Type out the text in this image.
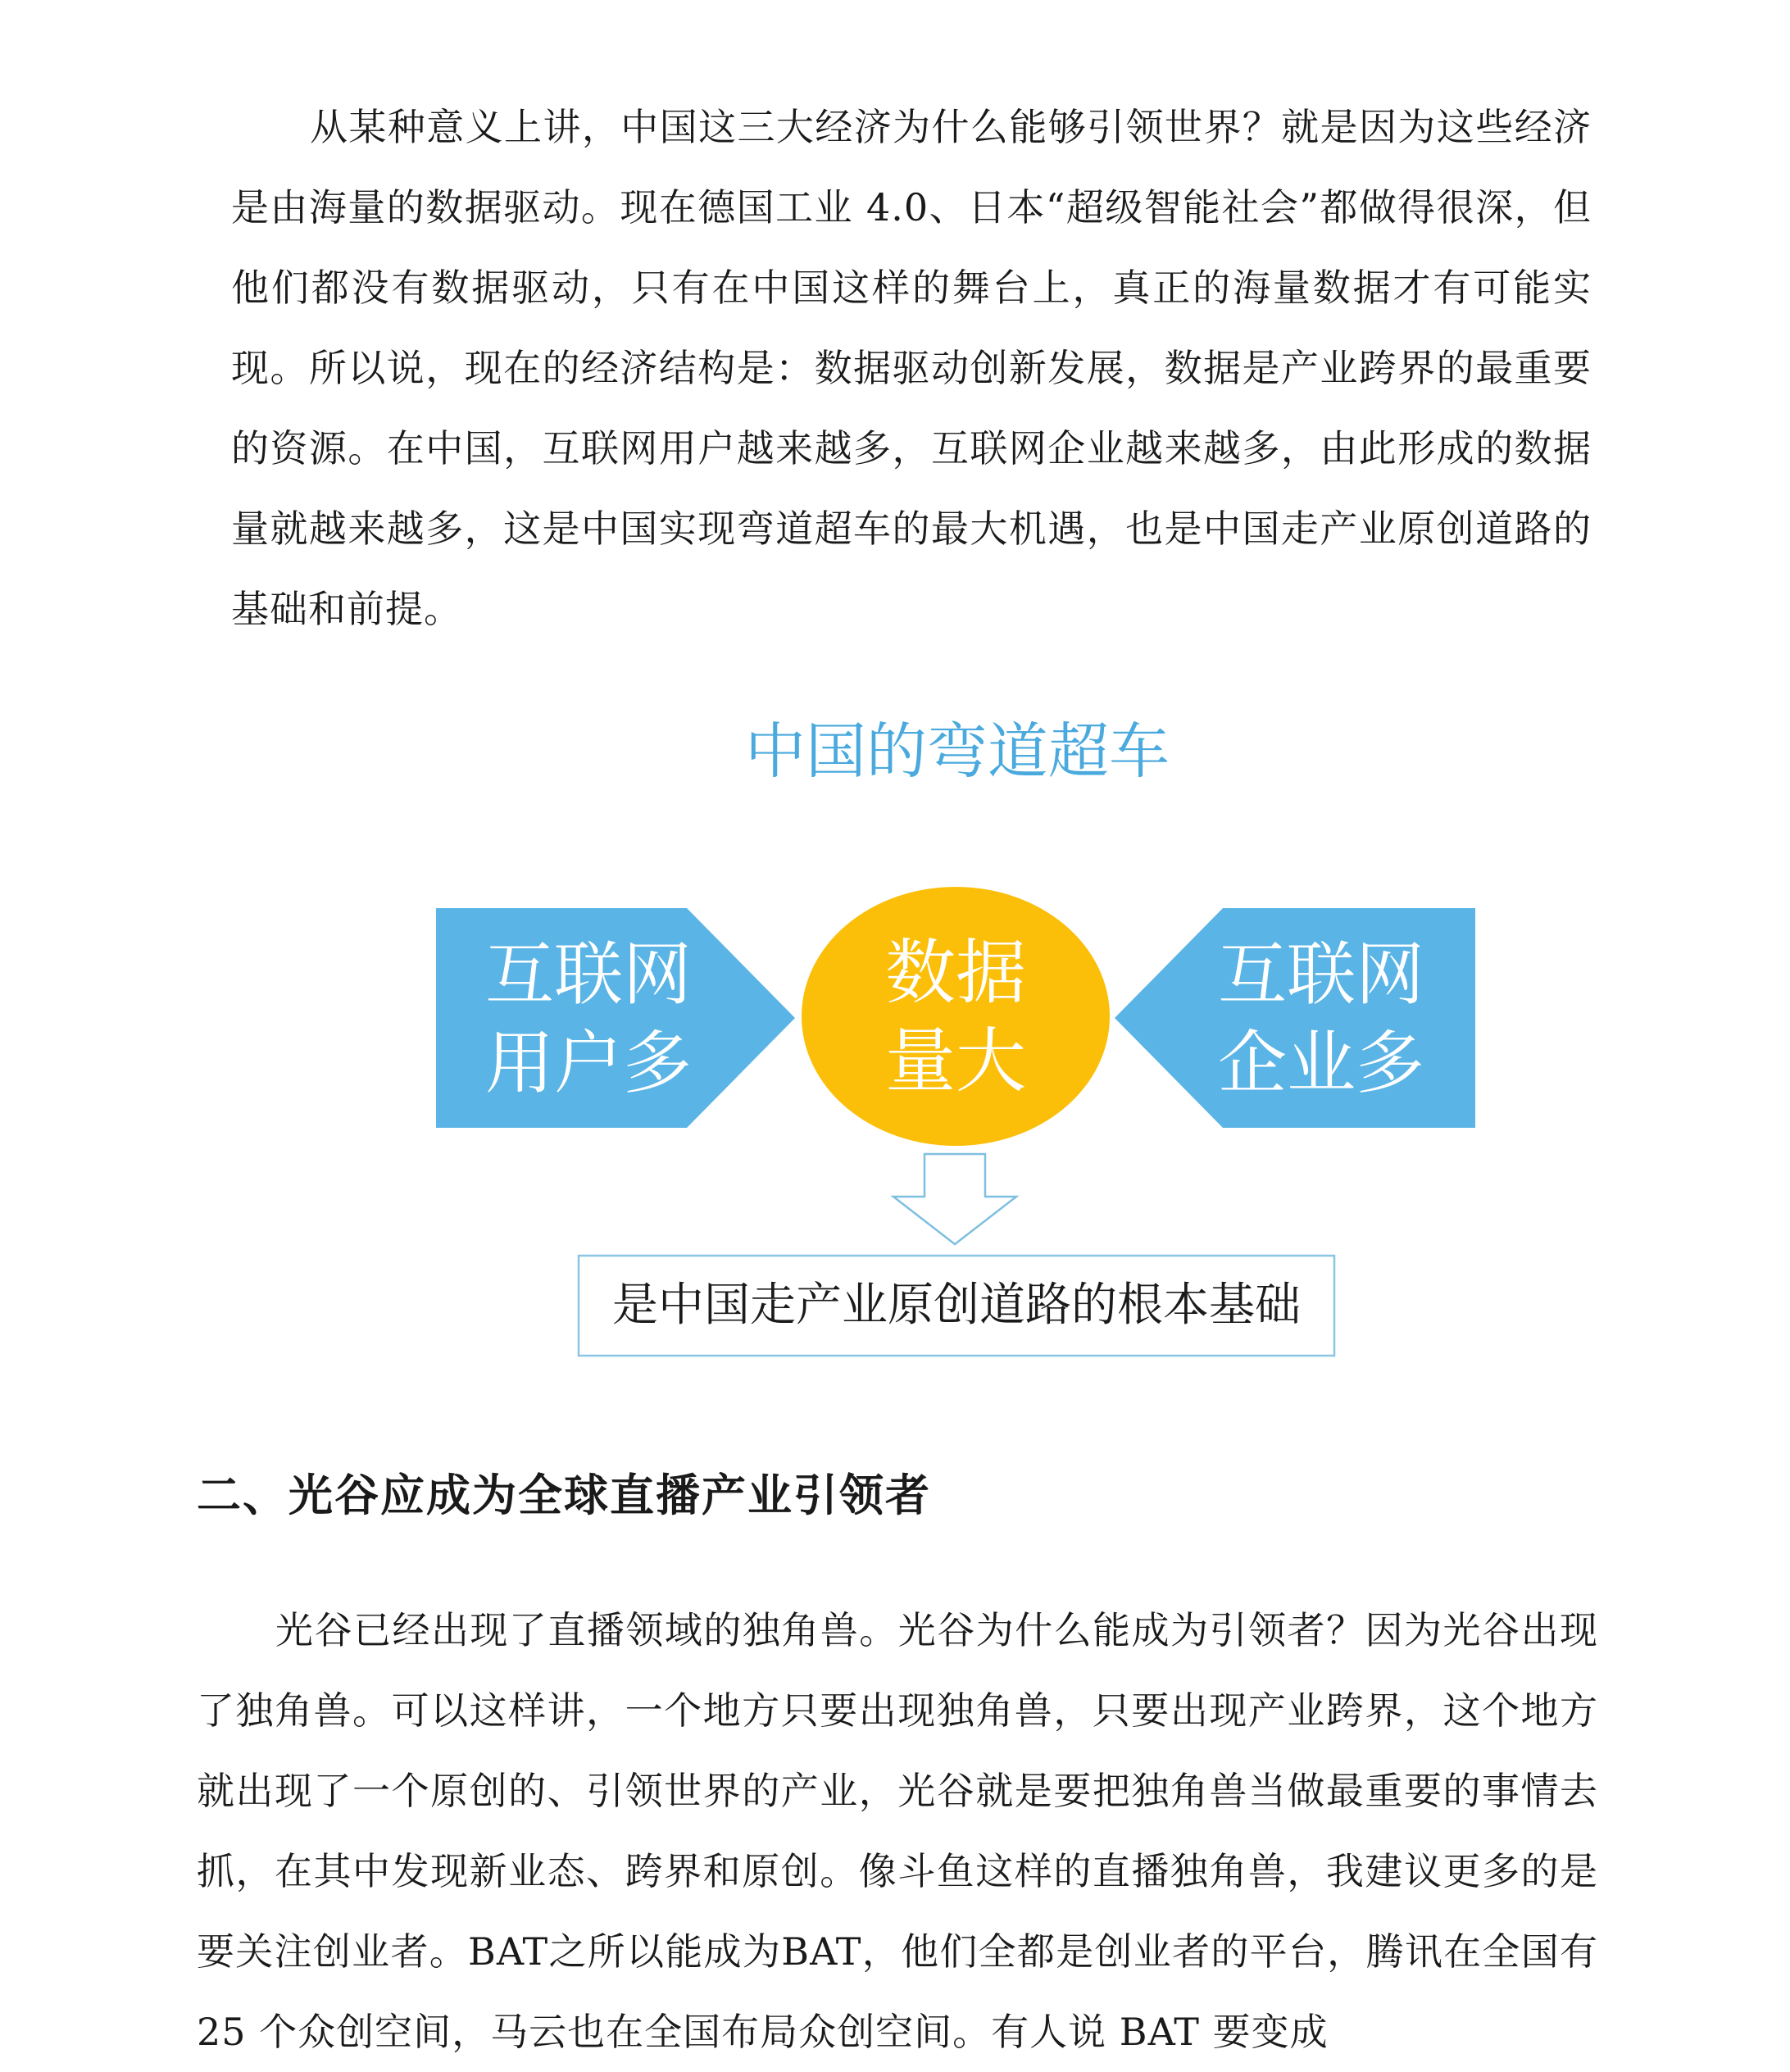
从某种意义上讲，中国这三大经济为什么能够引领世界？就是因为这些经济是由海量的数据驱动。现在德国工业 4.0、日本“超级智能社会”都做得很深，但他们都没有数据驱动，只有在中国这样的舞台上，真正的海量数据才有可能实现。所以说，现在的经济结构是：数据驱动创新发展，数据是产业跨界的最重要的资源。在中国，互联网用户越来越多，互联网企业越来越多，由此形成的数据量就越来越多，这是中国实现弯道超车的最大机遇，也是中国走产业原创道路的基础和前提。

中国的弯道超车
互联网
用户多
数据
量大
互联网
企业多
是中国走产业原创道路的根本基础
二、光谷应成为全球直播产业引领者

光谷已经出现了直播领域的独角兽。光谷为什么能成为引领者？因为光谷出现了独角兽。可以这样讲，一个地方只要出现独角兽，只要出现产业跨界，这个地方就出现了一个原创的、引领世界的产业，光谷就是要把独角兽当做最重要的事情去抓，在其中发现新业态、跨界和原创。像斗鱼这样的直播独角兽，我建议更多的是要关注创业者。BAT之所以能成为BAT，他们全都是创业者的平台，腾讯在全国有 25 个众创空间，马云也在全国布局众创空间。有人说 BAT 要变成
